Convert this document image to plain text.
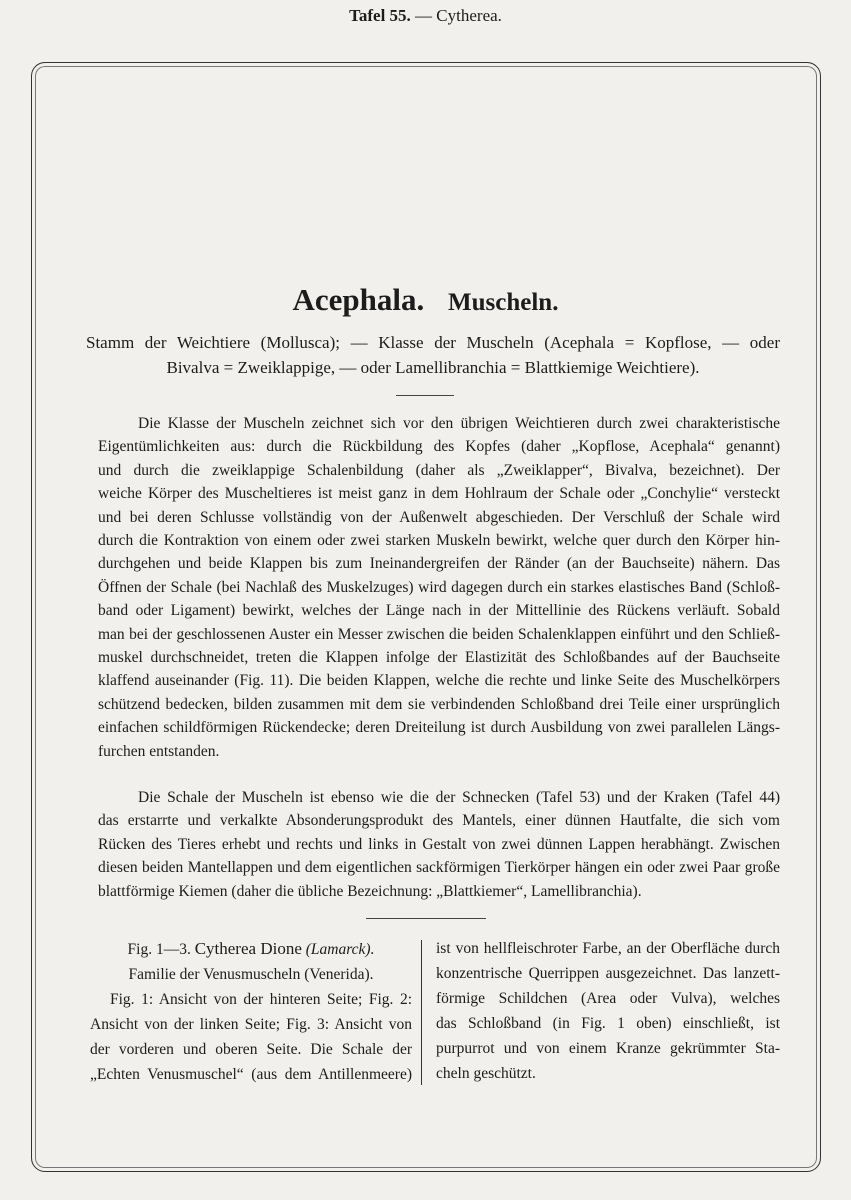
Tafel 55. — Cytherea.
Acephala. Muscheln.
Stamm der Weichtiere (Mollusca); — Klasse der Muscheln (Acephala = Kopflose, — oder
Bivalva = Zweiklappige, — oder Lamellibranchia = Blattkiemige Weichtiere).
Die Klasse der Muscheln zeichnet sich vor den übrigen Weichtieren durch zwei charakteristische
Eigentümlichkeiten aus: durch die Rückbildung des Kopfes (daher „Kopflose, Acephala“ genannt)
und durch die zweiklappige Schalenbildung (daher als „Zweiklapper“, Bivalva, bezeichnet). Der
weiche Körper des Muscheltieres ist meist ganz in dem Hohlraum der Schale oder „Conchylie“ versteckt
und bei deren Schlusse vollständig von der Außenwelt abgeschieden. Der Verschluß der Schale wird
durch die Kontraktion von einem oder zwei starken Muskeln bewirkt, welche quer durch den Körper hin-
durchgehen und beide Klappen bis zum Ineinandergreifen der Ränder (an der Bauchseite) nähern. Das
Öffnen der Schale (bei Nachlaß des Muskelzuges) wird dagegen durch ein starkes elastisches Band (Schloß-
band oder Ligament) bewirkt, welches der Länge nach in der Mittellinie des Rückens verläuft. Sobald
man bei der geschlossenen Auster ein Messer zwischen die beiden Schalenklappen einführt und den Schließ-
muskel durchschneidet, treten die Klappen infolge der Elastizität des Schloßbandes auf der Bauchseite
klaffend auseinander (Fig. 11). Die beiden Klappen, welche die rechte und linke Seite des Muschelkörpers
schützend bedecken, bilden zusammen mit dem sie verbindenden Schloßband drei Teile einer ursprünglich
einfachen schildförmigen Rückendecke; deren Dreiteilung ist durch Ausbildung von zwei parallelen Längs-
furchen entstanden.
Die Schale der Muscheln ist ebenso wie die der Schnecken (Tafel 53) und der Kraken (Tafel 44)
das erstarrte und verkalkte Absonderungsprodukt des Mantels, einer dünnen Hautfalte, die sich vom
Rücken des Tieres erhebt und rechts und links in Gestalt von zwei dünnen Lappen herabhängt. Zwischen
diesen beiden Mantellappen und dem eigentlichen sackförmigen Tierkörper hängen ein oder zwei Paar große
blattförmige Kiemen (daher die übliche Bezeichnung: „Blattkiemer“, Lamellibranchia).
Fig. 1—3. Cytherea Dione (Lamarck).
Familie der Venusmuscheln (Venerida).
Fig. 1: Ansicht von der hinteren Seite; Fig. 2:
Ansicht von der linken Seite; Fig. 3: Ansicht von
der vorderen und oberen Seite. Die Schale der
„Echten Venusmuschel“ (aus dem Antillenmeere)
ist von hellfleischroter Farbe, an der Oberfläche durch
konzentrische Querrippen ausgezeichnet. Das lanzett-
förmige Schildchen (Area oder Vulva), welches
das Schloßband (in Fig. 1 oben) einschließt, ist
purpurrot und von einem Kranze gekrümmter Sta-
cheln geschützt.
